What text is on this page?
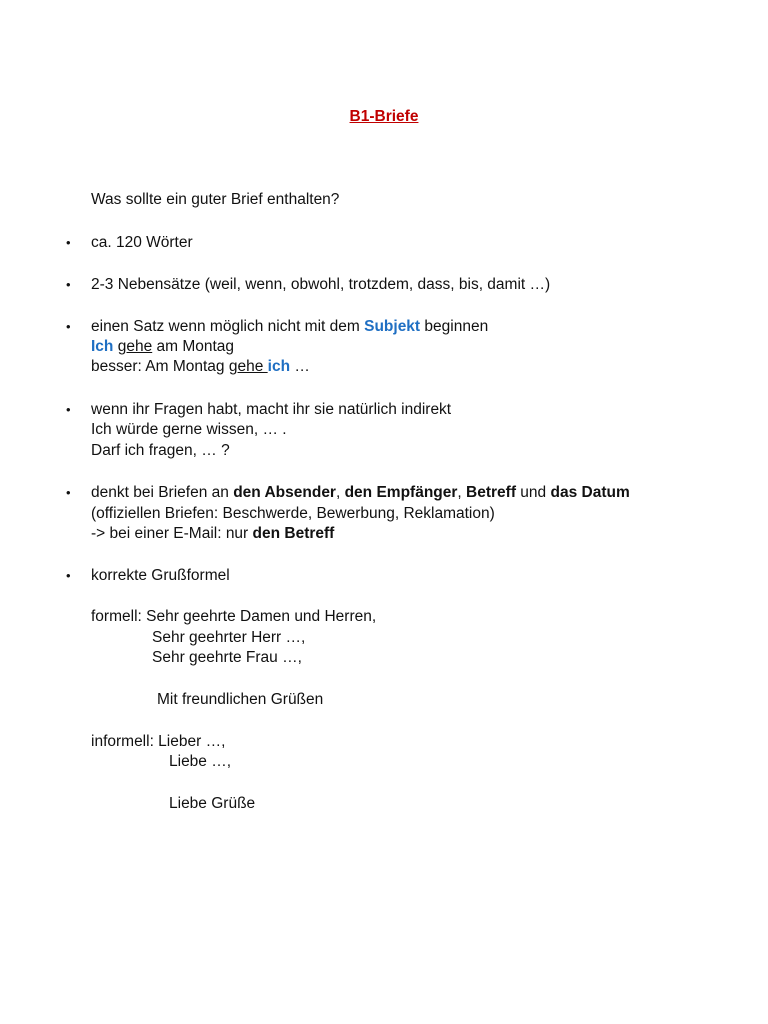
B1-Briefe
Was sollte ein guter Brief enthalten?
• ca. 120 Wörter
• 2-3 Nebensätze (weil, wenn, obwohl, trotzdem, dass, bis, damit …)
• einen Satz wenn möglich nicht mit dem Subjekt beginnen
Ich gehe am Montag
besser: Am Montag gehe ich …
• wenn ihr Fragen habt, macht ihr sie natürlich indirekt
Ich würde gerne wissen, … .
Darf ich fragen, … ?
• denkt bei Briefen an den Absender, den Empfänger, Betreff und das Datum
(offiziellen Briefen: Beschwerde, Bewerbung, Reklamation)
-> bei einer E-Mail: nur den Betreff
• korrekte Grußformel
formell: Sehr geehrte Damen und Herren,
Sehr geehrter Herr …,
Sehr geehrte Frau …,
Mit freundlichen Grüßen
informell: Lieber …,
Liebe …,
Liebe Grüße
